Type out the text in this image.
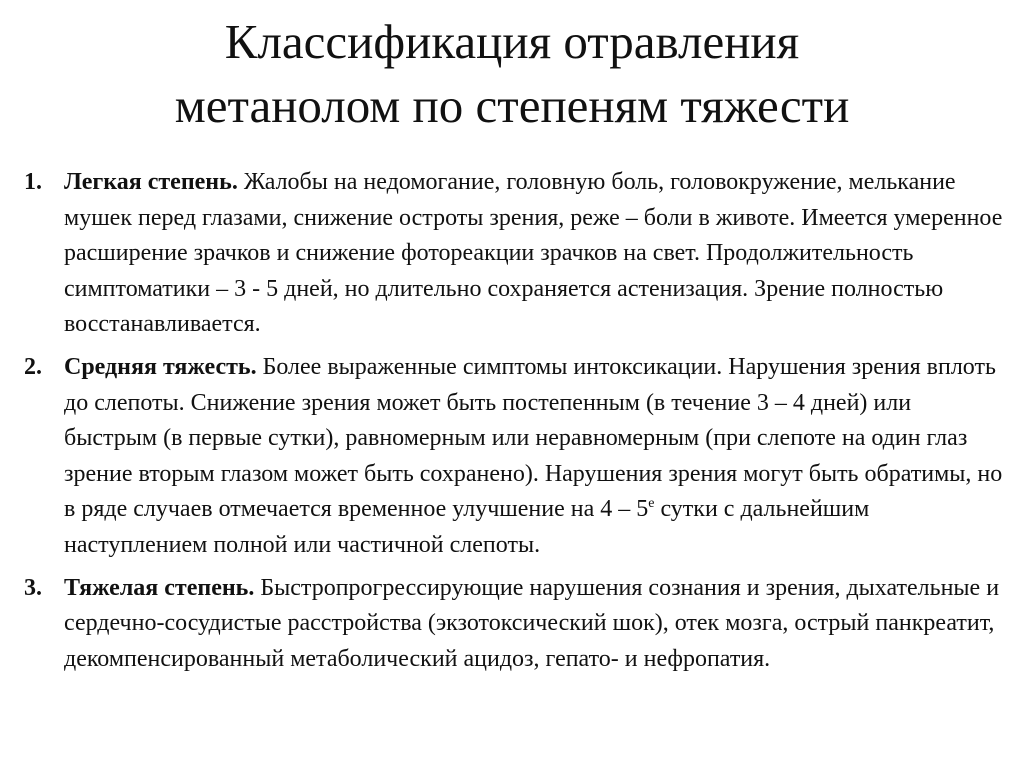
Классификация отравления
метанолом по степеням тяжести
1. Легкая степень. Жалобы на недомогание, головную боль, головокружение, мелькание мушек перед глазами, снижение остроты зрения, реже – боли в животе. Имеется умеренное расширение зрачков и снижение фотореакции зрачков на свет. Продолжительность симптоматики – 3 - 5 дней, но длительно сохраняется астенизация. Зрение полностью восстанавливается.
2. Средняя тяжесть. Более выраженные симптомы интоксикации. Нарушения зрения вплоть до слепоты. Снижение зрения может быть постепенным (в течение 3 – 4 дней) или быстрым (в первые сутки), равномерным или неравномерным (при слепоте на один глаз зрение вторым глазом может быть сохранено). Нарушения зрения могут быть обратимы, но в ряде случаев отмечается временное улучшение на $4 - 5^е$ сутки с дальнейшим наступлением полной или частичной слепоты.
3. Тяжелая степень. Быстропрогрессирующие нарушения сознания и зрения, дыхательные и сердечно-сосудистые расстройства (экзотоксический шок), отек мозга, острый панкреатит, декомпенсированный метаболический ацидоз, гепато- и нефропатия.
